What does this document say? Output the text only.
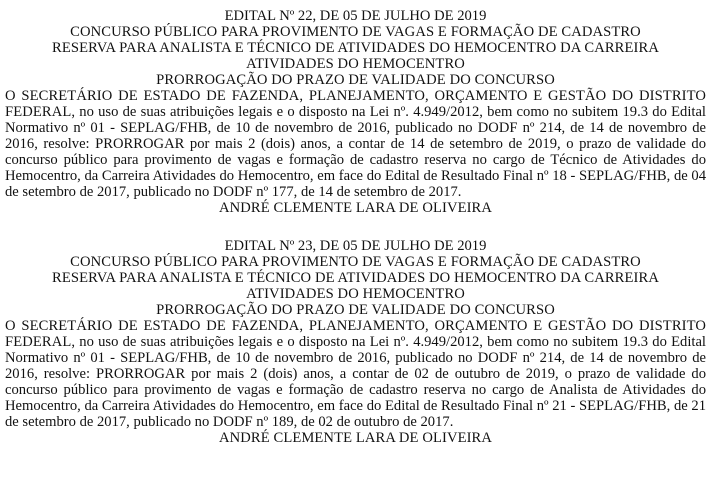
EDITAL Nº 22, DE 05 DE JULHO DE 2019
CONCURSO PÚBLICO PARA PROVIMENTO DE VAGAS E FORMAÇÃO DE CADASTRO
RESERVA PARA ANALISTA E TÉCNICO DE ATIVIDADES DO HEMOCENTRO DA CARREIRA
ATIVIDADES DO HEMOCENTRO
PRORROGAÇÃO DO PRAZO DE VALIDADE DO CONCURSO
O SECRETÁRIO DE ESTADO DE FAZENDA, PLANEJAMENTO, ORÇAMENTO E GESTÃO DO DISTRITO FEDERAL, no uso de suas atribuições legais e o disposto na Lei nº. 4.949/2012, bem como no subitem 19.3 do Edital Normativo nº 01 - SEPLAG/FHB, de 10 de novembro de 2016, publicado no DODF nº 214, de 14 de novembro de 2016, resolve: PRORROGAR por mais 2 (dois) anos, a contar de 14 de setembro de 2019, o prazo de validade do concurso público para provimento de vagas e formação de cadastro reserva no cargo de Técnico de Atividades do Hemocentro, da Carreira Atividades do Hemocentro, em face do Edital de Resultado Final nº 18 - SEPLAG/FHB, de 04 de setembro de 2017, publicado no DODF nº 177, de 14 de setembro de 2017.
ANDRÉ CLEMENTE LARA DE OLIVEIRA
EDITAL Nº 23, DE 05 DE JULHO DE 2019
CONCURSO PÚBLICO PARA PROVIMENTO DE VAGAS E FORMAÇÃO DE CADASTRO
RESERVA PARA ANALISTA E TÉCNICO DE ATIVIDADES DO HEMOCENTRO DA CARREIRA
ATIVIDADES DO HEMOCENTRO
PRORROGAÇÃO DO PRAZO DE VALIDADE DO CONCURSO
O SECRETÁRIO DE ESTADO DE FAZENDA, PLANEJAMENTO, ORÇAMENTO E GESTÃO DO DISTRITO FEDERAL, no uso de suas atribuições legais e o disposto na Lei nº. 4.949/2012, bem como no subitem 19.3 do Edital Normativo nº 01 - SEPLAG/FHB, de 10 de novembro de 2016, publicado no DODF nº 214, de 14 de novembro de 2016, resolve: PRORROGAR por mais 2 (dois) anos, a contar de 02 de outubro de 2019, o prazo de validade do concurso público para provimento de vagas e formação de cadastro reserva no cargo de Analista de Atividades do Hemocentro, da Carreira Atividades do Hemocentro, em face do Edital de Resultado Final nº 21 - SEPLAG/FHB, de 21 de setembro de 2017, publicado no DODF nº 189, de 02 de outubro de 2017.
ANDRÉ CLEMENTE LARA DE OLIVEIRA
